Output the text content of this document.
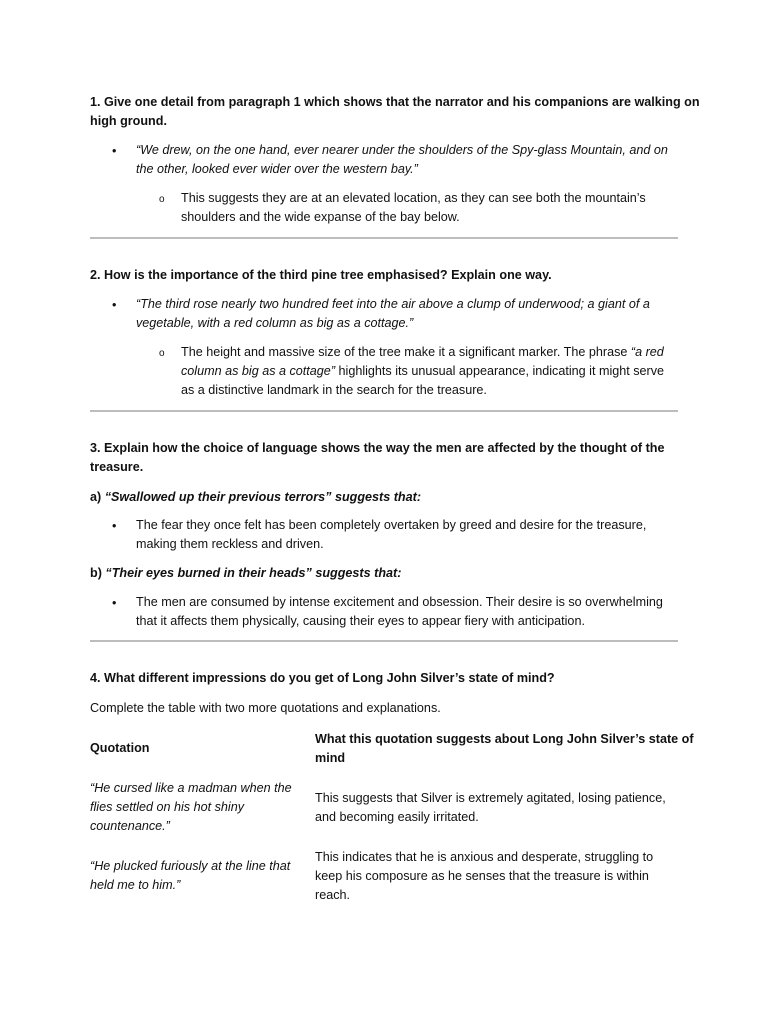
1. Give one detail from paragraph 1 which shows that the narrator and his companions are walking on
high ground.

• “We drew, on the one hand, ever nearer under the shoulders of the Spy-glass Mountain, and on
the other, looked ever wider over the western bay.”

o This suggests they are at an elevated location, as they can see both the mountain’s
shoulders and the wide expanse of the bay below.

2. How is the importance of the third pine tree emphasised? Explain one way.

• “The third rose nearly two hundred feet into the air above a clump of underwood; a giant of a
vegetable, with a red column as big as a cottage.”

o The height and massive size of the tree make it a significant marker. The phrase “a red
column as big as a cottage” highlights its unusual appearance, indicating it might serve
as a distinctive landmark in the search for the treasure.

3. Explain how the choice of language shows the way the men are affected by the thought of the
treasure.

a) “Swallowed up their previous terrors” suggests that:

• The fear they once felt has been completely overtaken by greed and desire for the treasure,
making them reckless and driven.

b) “Their eyes burned in their heads” suggests that:

• The men are consumed by intense excitement and obsession. Their desire is so overwhelming
that it affects them physically, causing their eyes to appear fiery with anticipation.

4. What different impressions do you get of Long John Silver’s state of mind?

Complete the table with two more quotations and explanations.

Quotation

What this quotation suggests about Long John Silver’s state of
mind

“He cursed like a madman when the
flies settled on his hot shiny
countenance.”

This suggests that Silver is extremely agitated, losing patience,
and becoming easily irritated.

“He plucked furiously at the line that
held me to him.”

This indicates that he is anxious and desperate, struggling to
keep his composure as he senses that the treasure is within
reach.
